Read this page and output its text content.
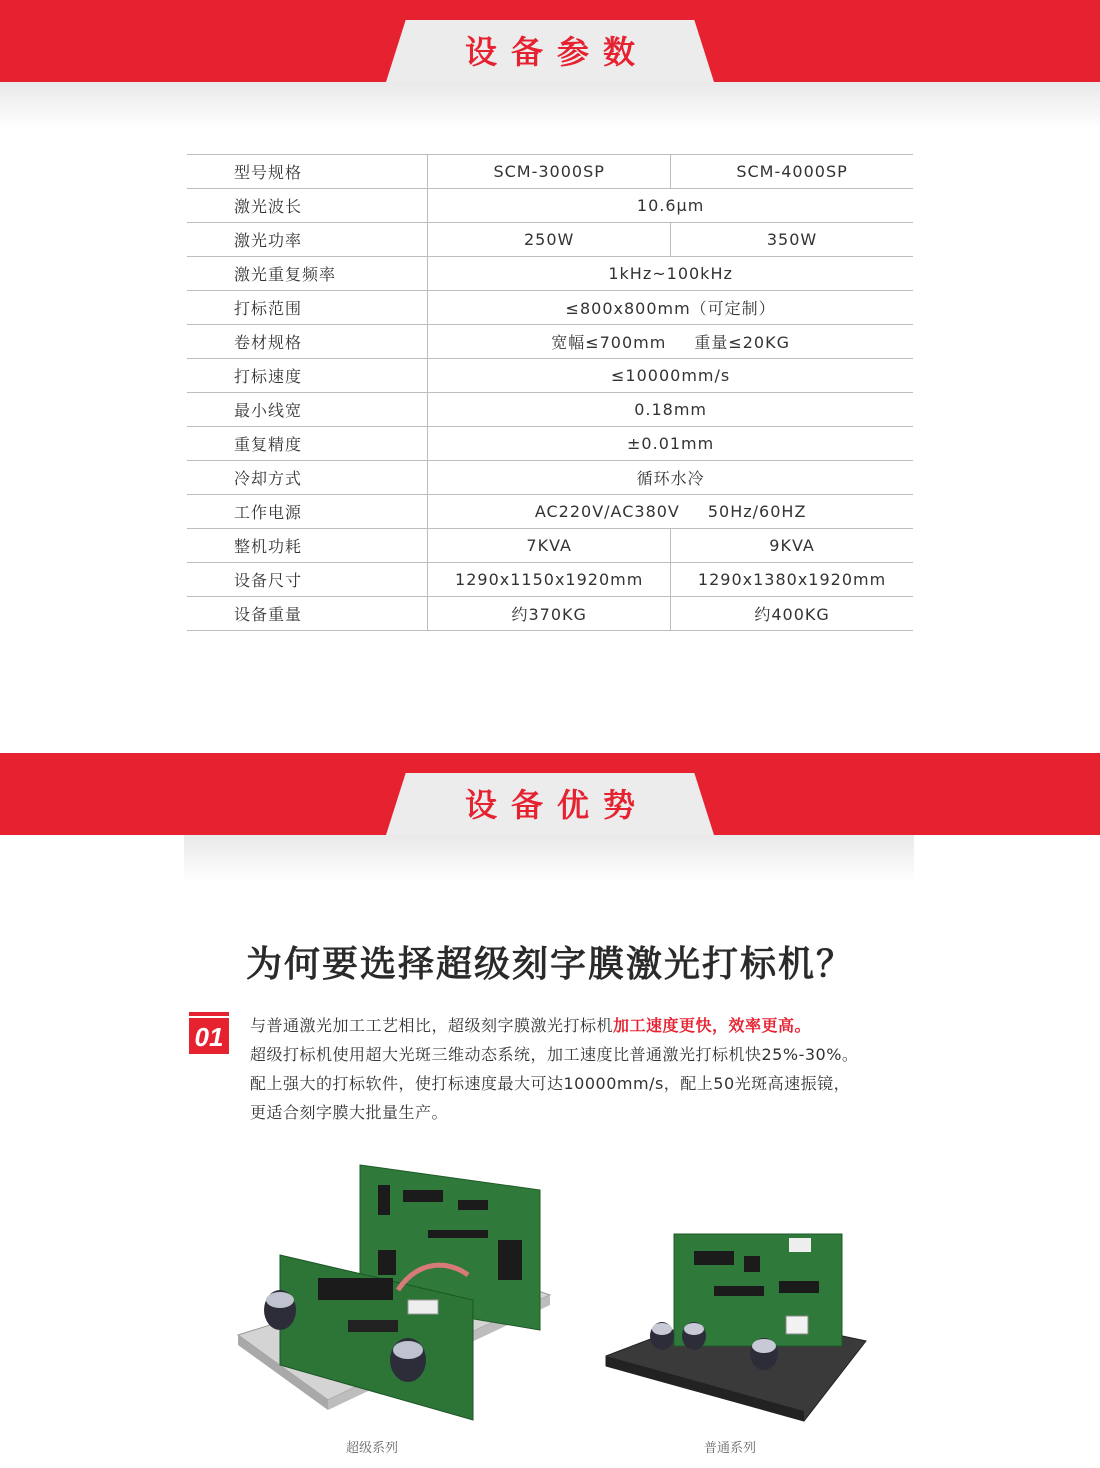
设备参数
型号规格	SCM-3000SP	SCM-4000SP
激光波长	10.6μm	
激光功率	250W	350W
激光重复频率	1kHz~100kHz	
打标范围	≤800x800mm（可定制）	
卷材规格	宽幅≤700mm 重量≤20KG	
打标速度	≤10000mm/s	
最小线宽	0.18mm	
重复精度	±0.01mm	
冷却方式	循环水冷	
工作电源	AC220V/AC380V 50Hz/60HZ	
整机功耗	7KVA	9KVA
设备尺寸	1290x1150x1920mm	1290x1380x1920mm
设备重量	约370KG	约400KG
设备优势
为何要选择超级刻字膜激光打标机？
01	与普通激光加工工艺相比，超级刻字膜激光打标机加工速度更快，效率更高。
超级打标机使用超大光斑三维动态系统，加工速度比普通激光打标机快25%-30%。
配上强大的打标软件，使打标速度最大可达10000mm/s，配上50光斑高速振镜，
更适合刻字膜大批量生产。
超级系列	普通系列
